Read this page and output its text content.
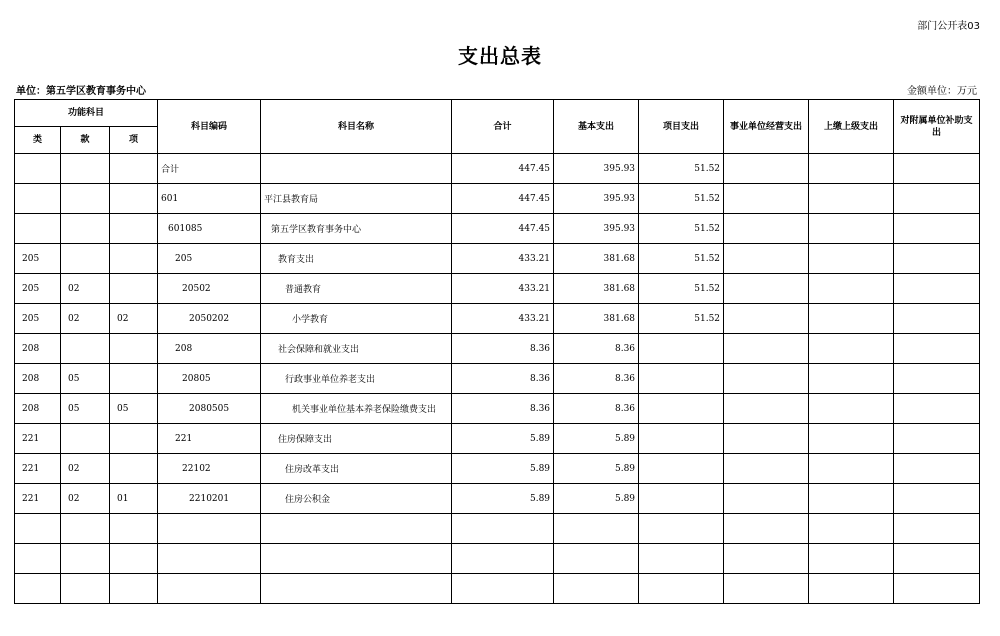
部门公开表03
支出总表
单位：第五学区教育事务中心	金额单位：万元
功能科目			科目编码	科目名称	合计	基本支出	项目支出	事业单位经营支出	上缴上级支出	对附属单位补助支出
类	款	项								
			合计		447.45	395.93	51.52			
			601	平江县教育局	447.45	395.93	51.52			
			601085	第五学区教育事务中心	447.45	395.93	51.52			
205			205	教育支出	433.21	381.68	51.52			
205	02		20502	普通教育	433.21	381.68	51.52			
205	02	02	2050202	小学教育	433.21	381.68	51.52			
208			208	社会保障和就业支出	8.36	8.36				
208	05		20805	行政事业单位养老支出	8.36	8.36				
208	05	05	2080505	机关事业单位基本养老保险缴费支出	8.36	8.36				
221			221	住房保障支出	5.89	5.89				
221	02		22102	住房改革支出	5.89	5.89				
221	02	01	2210201	住房公积金	5.89	5.89				
